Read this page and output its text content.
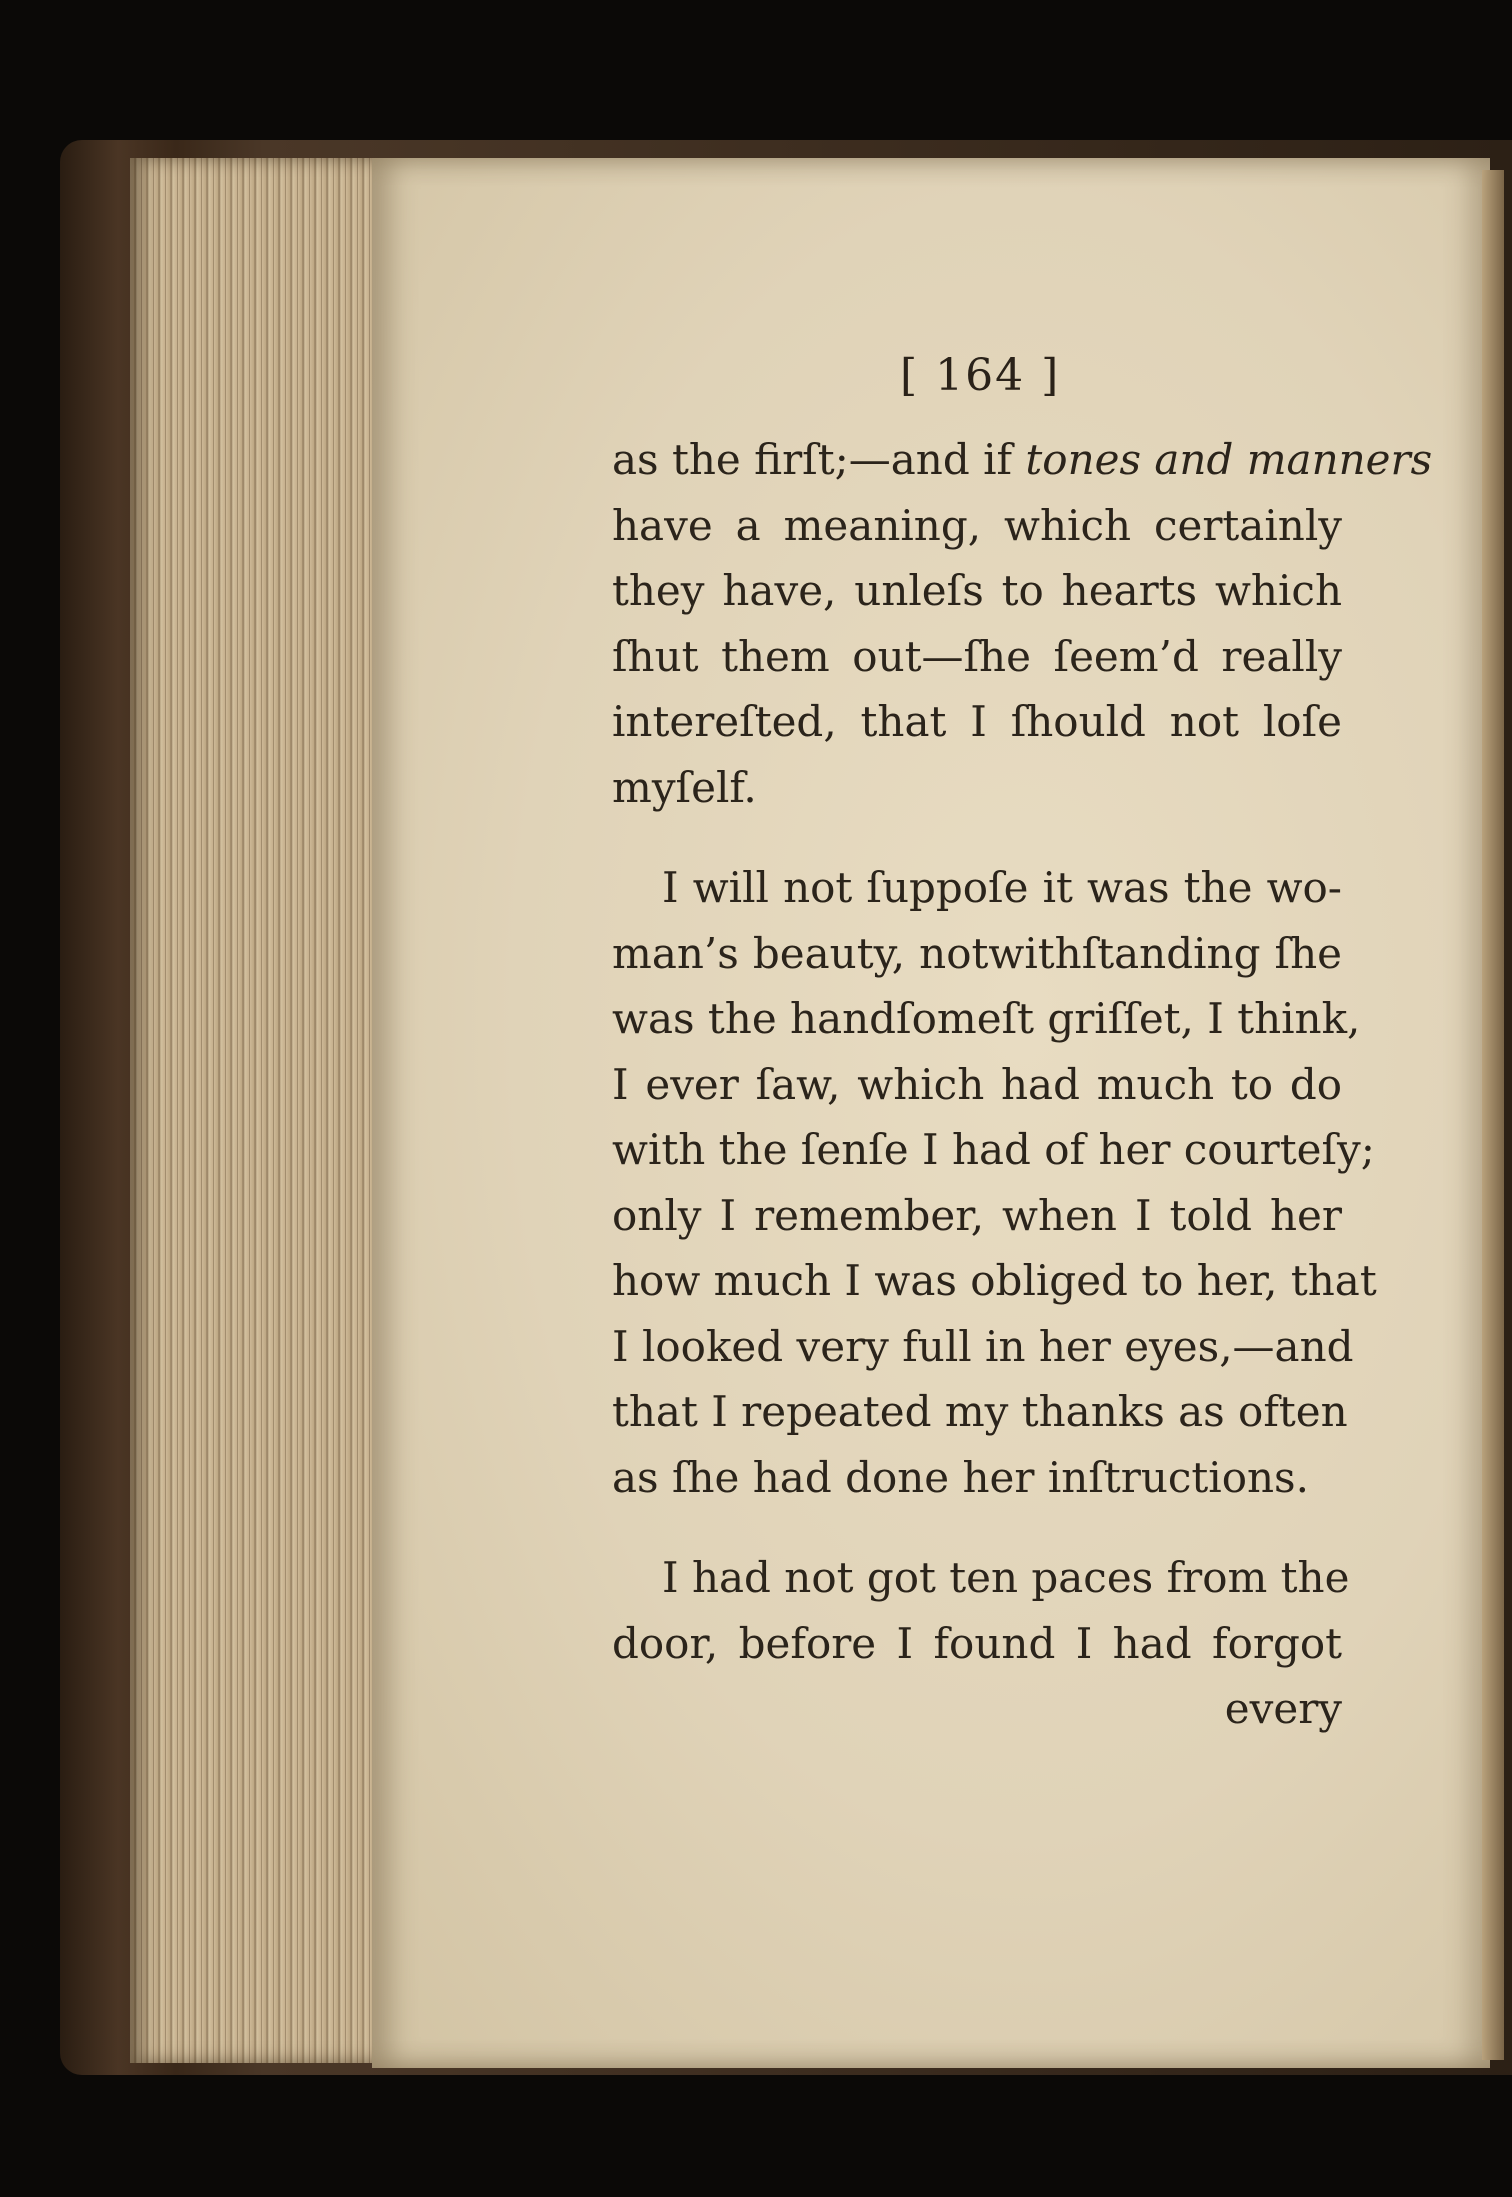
[ 164 ]
as the firſt;—and if tones and manners
have a meaning, which certainly
they have, unleſs to hearts which
ſhut them out—ſhe ſeem’d really
intereſted, that I ſhould not loſe
myſelf.
I will not ſuppoſe it was the wo-
man’s beauty, notwithſtanding ſhe
was the handſomeſt griſſet, I think,
I ever ſaw, which had much to do
with the ſenſe I had of her courteſy;
only I remember, when I told her
how much I was obliged to her, that
I looked very full in her eyes,—and
that I repeated my thanks as often
as ſhe had done her inſtructions.
I had not got ten paces from the
door, before I found I had forgot
every
